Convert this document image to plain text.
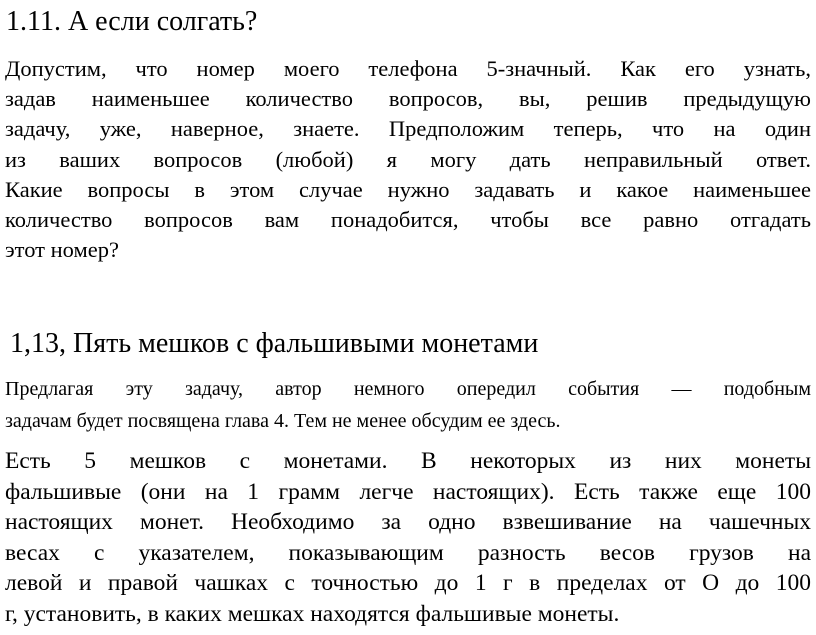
1.11. А если солгать?

Допустим, что номер моего телефона 5-значный. Как его узнать,
задав наименьшее количество вопросов, вы, решив предыдущую
задачу, уже, наверное, знаете. Предположим теперь, что на один
из ваших вопросов (любой) я могу дать неправильный ответ.
Какие вопросы в этом случае нужно задавать и какое наименьшее
количество вопросов вам понадобится, чтобы все равно отгадать
этот номер?

1,13, Пять мешков с фальшивыми монетами

Предлагая эту задачу, автор немного опередил события — подобным
задачам будет посвящена глава 4. Тем не менее обсудим ее здесь.

Есть 5 мешков с монетами. В некоторых из них монеты
фальшивые (они на 1 грамм легче настоящих). Есть также еще 100
настоящих монет. Необходимо за одно взвешивание на чашечных
весах с указателем, показывающим разность весов грузов на
левой и правой чашках с точностью до 1 г в пределах от О до 100
г, установить, в каких мешках находятся фальшивые монеты.
